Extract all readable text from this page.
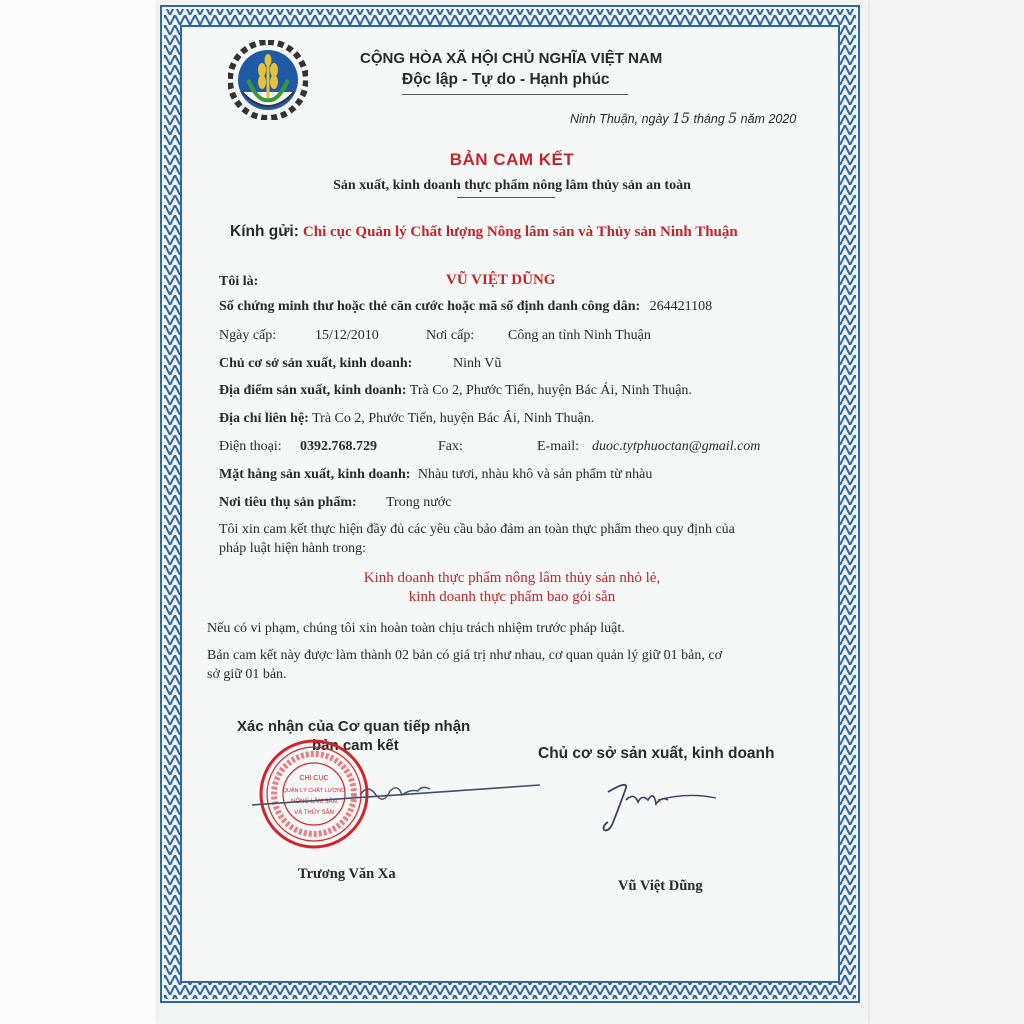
CỘNG HÒA XÃ HỘI CHỦ NGHĨA VIỆT NAM
Độc lập - Tự do - Hạnh phúc
Ninh Thuận, ngày 15 tháng 5 năm 2020
BẢN CAM KẾT
Sản xuất, kinh doanh thực phẩm nông lâm thủy sản an toàn
Kính gửi: Chi cục Quản lý Chất lượng Nông lâm sản và Thủy sản Ninh Thuận
Tôi là:	VŨ VIỆT DŨNG
Số chứng minh thư hoặc thẻ căn cước hoặc mã số định danh công dân: 264421108
Ngày cấp:	15/12/2010	Nơi cấp: Công an tỉnh Ninh Thuận
Chủ cơ sở sản xuất, kinh doanh:	Ninh Vũ
Địa điểm sản xuất, kinh doanh: Trà Co 2, Phước Tiến, huyện Bác Ái, Ninh Thuận.
Địa chỉ liên hệ: Trà Co 2, Phước Tiến, huyện Bác Ái, Ninh Thuận.
Điện thoại: 0392.768.729	Fax:	E-mail: duoc.tytphuoctan@gmail.com
Mặt hàng sản xuất, kinh doanh: Nhàu tươi, nhàu khô và sản phẩm từ nhàu
Nơi tiêu thụ sản phẩm: Trong nước
Tôi xin cam kết thực hiện đầy đủ các yêu cầu bảo đảm an toàn thực phẩm theo quy định của
pháp luật hiện hành trong:
Kinh doanh thực phẩm nông lâm thủy sản nhỏ lẻ,
kinh doanh thực phẩm bao gói sẵn
Nếu có vi phạm, chúng tôi xin hoàn toàn chịu trách nhiệm trước pháp luật.
Bản cam kết này được làm thành 02 bản có giá trị như nhau, cơ quan quản lý giữ 01 bản, cơ
sở giữ 01 bản.
Xác nhận của Cơ quan tiếp nhận
bản cam kết	Chủ cơ sở sản xuất, kinh doanh
CHI CỤC
QUẢN LÝ CHẤT LƯỢNG
NÔNG LÂM SẢN
VÀ THỦY SẢN
Trương Văn Xa
Vũ Việt Dũng
